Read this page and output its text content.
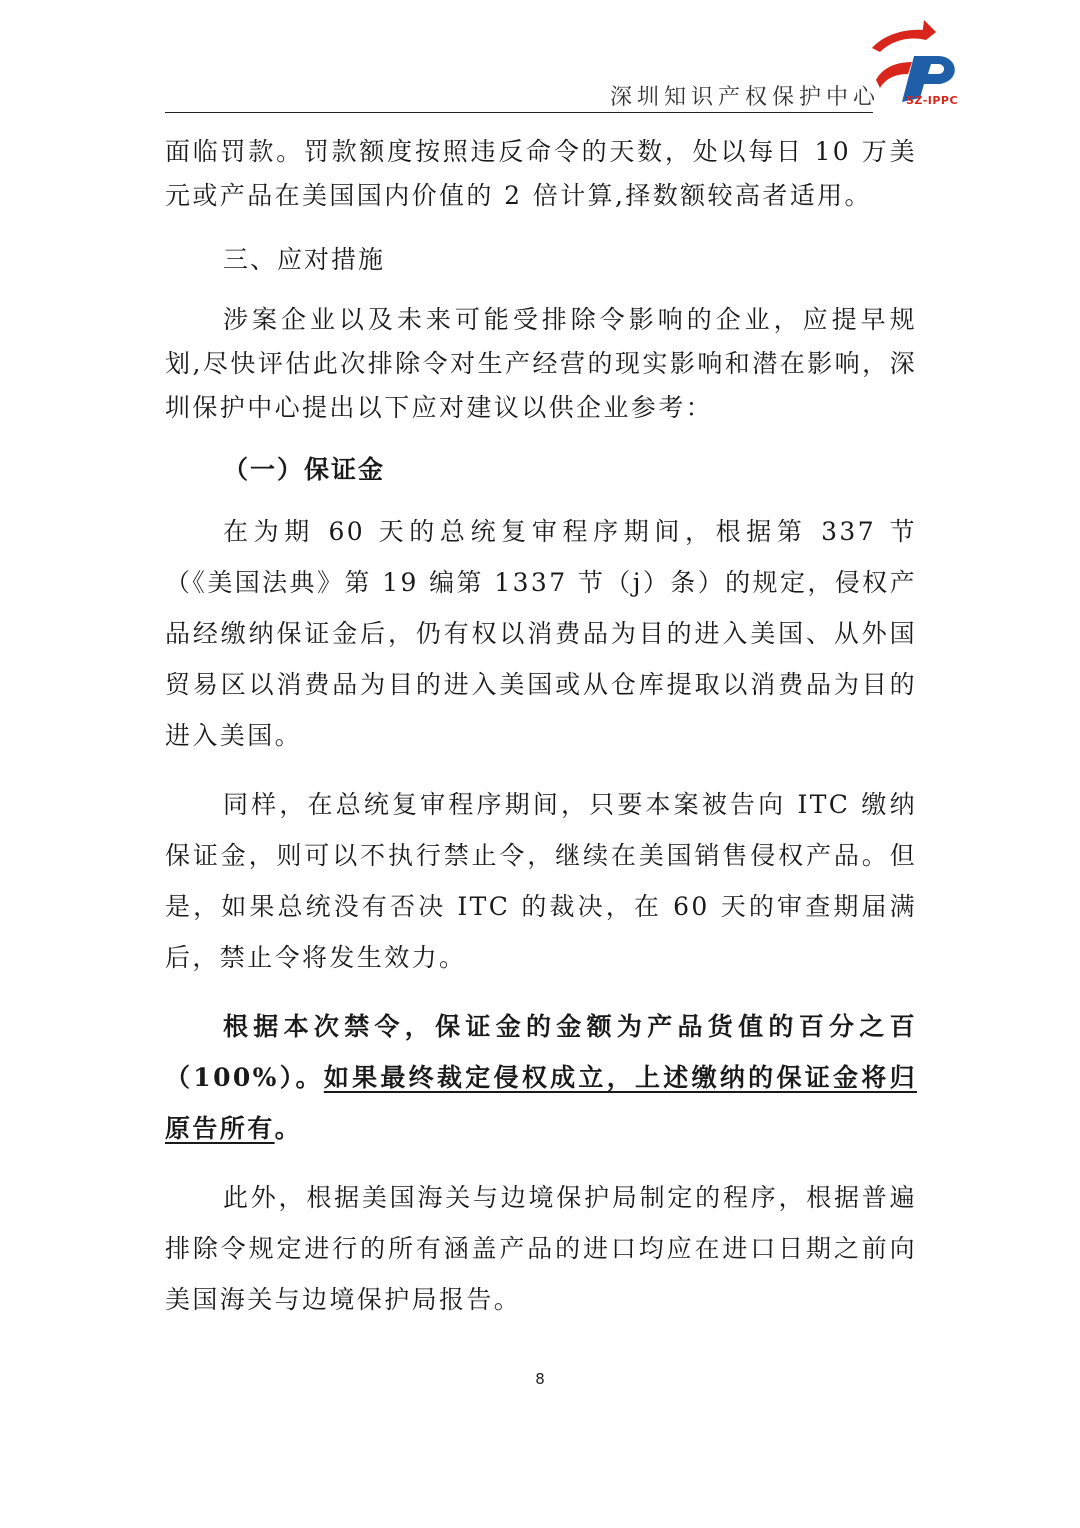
深圳知识产权保护中心 SZ-IPPC

面临罚款。罚款额度按照违反命令的天数，处以每日 10 万美元或产品在美国国内价值的 2 倍计算,择数额较高者适用。

三、应对措施

涉案企业以及未来可能受排除令影响的企业，应提早规划,尽快评估此次排除令对生产经营的现实影响和潜在影响，深圳保护中心提出以下应对建议以供企业参考：

（一）保证金

在为期 60 天的总统复审程序期间，根据第 337 节（《美国法典》第 19 编第 1337 节（j）条）的规定，侵权产品经缴纳保证金后，仍有权以消费品为目的进入美国、从外国贸易区以消费品为目的进入美国或从仓库提取以消费品为目的进入美国。

同样，在总统复审程序期间，只要本案被告向 ITC 缴纳保证金，则可以不执行禁止令，继续在美国销售侵权产品。但是，如果总统没有否决 ITC 的裁决，在 60 天的审查期届满后，禁止令将发生效力。

根据本次禁令，保证金的金额为产品货值的百分之百（100%）。如果最终裁定侵权成立，上述缴纳的保证金将归原告所有。

此外，根据美国海关与边境保护局制定的程序，根据普遍排除令规定进行的所有涵盖产品的进口均应在进口日期之前向美国海关与边境保护局报告。

8
